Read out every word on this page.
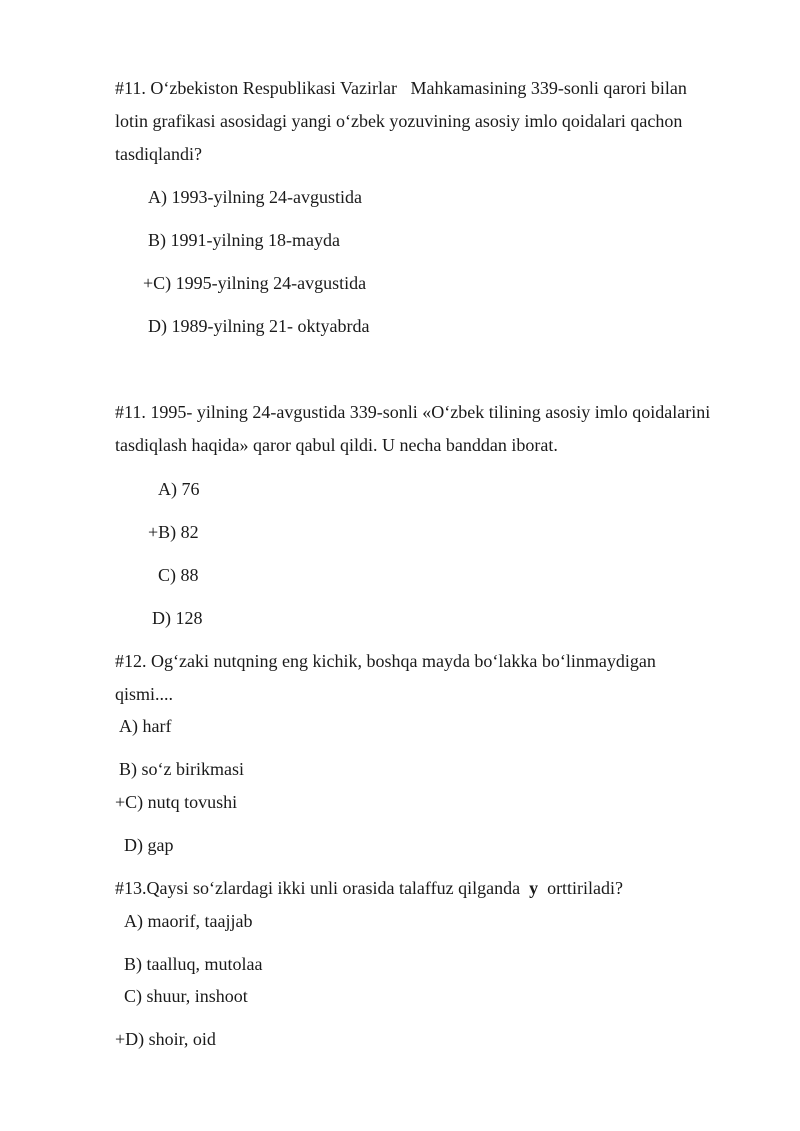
#11. O‘zbekiston Respublikasi Vazirlar   Mahkamasining 339-sonli qarori bilan
lotin grafikasi asosidagi yangi o‘zbek yozuvining asosiy imlo qoidalari qachon
tasdiqlandi?
A) 1993-yilning 24-avgustida
B) 1991-yilning 18-mayda
+C) 1995-yilning 24-avgustida
D) 1989-yilning 21- oktyabrda
#11. 1995- yilning 24-avgustida 339-sonli «O‘zbek tilining asosiy imlo qoidalarini
tasdiqlash haqida» qaror qabul qildi. U necha banddan iborat.
A) 76
+B) 82
C) 88
D) 128
#12. Og‘zaki nutqning eng kichik, boshqa mayda bo‘lakka bo‘linmaydigan
qismi....
A) harf
B) so‘z birikmasi
+C) nutq tovushi
D) gap
#13.Qaysi so‘zlardagi ikki unli orasida talaffuz qilganda  y  orttiriladi?
A) maorif, taajjab
B) taalluq, mutolaa
C) shuur, inshoot
+D) shoir, oid
